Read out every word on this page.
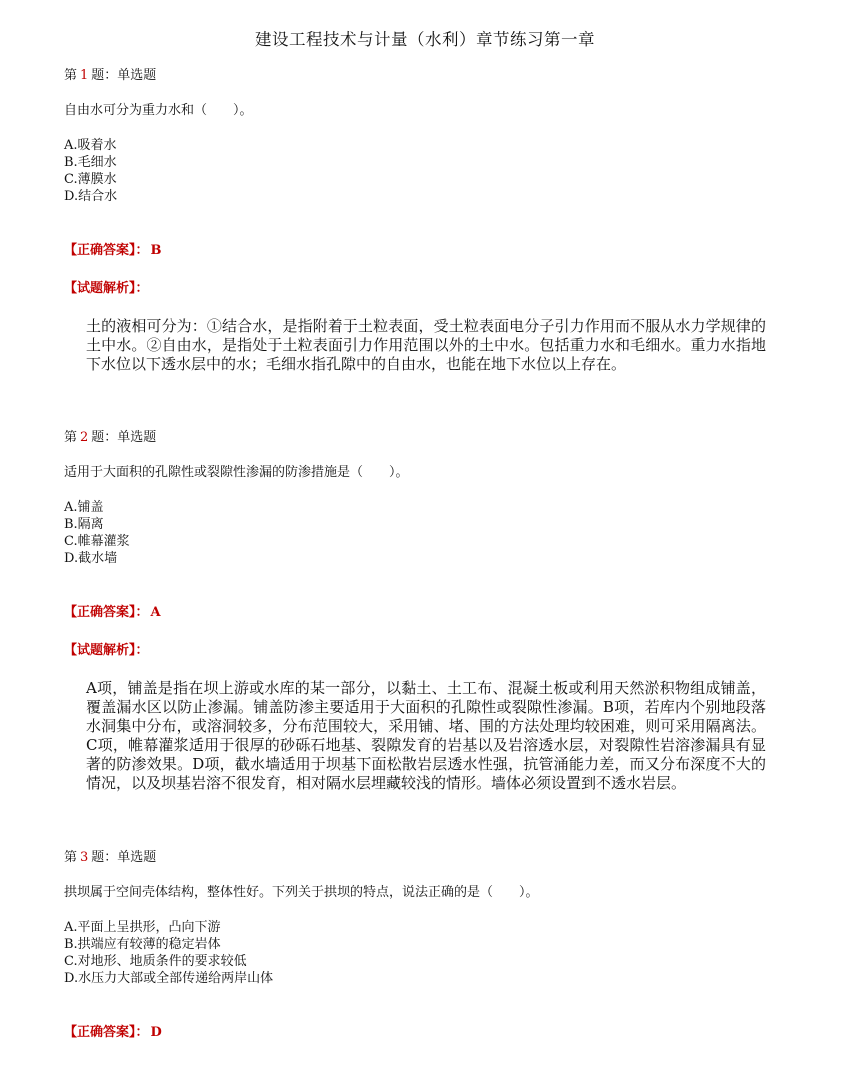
建设工程技术与计量（水利）章节练习第一章
第 1 题：单选题
自由水可分为重力水和（　　）。
A.吸着水
B.毛细水
C.薄膜水
D.结合水
【正确答案】： B
【试题解析】：
土的液相可分为：①结合水，是指附着于土粒表面，受土粒表面电分子引力作用而不服从水力学规律的土中水。②自由水，是指处于土粒表面引力作用范围以外的土中水。包括重力水和毛细水。重力水指地下水位以下透水层中的水；毛细水指孔隙中的自由水，也能在地下水位以上存在。
第 2 题：单选题
适用于大面积的孔隙性或裂隙性渗漏的防渗措施是（　　）。
A.铺盖
B.隔离
C.帷幕灌浆
D.截水墙
【正确答案】： A
【试题解析】：
A项，铺盖是指在坝上游或水库的某一部分，以黏土、土工布、混凝土板或利用天然淤积物组成铺盖，覆盖漏水区以防止渗漏。铺盖防渗主要适用于大面积的孔隙性或裂隙性渗漏。B项，若库内个别地段落水洞集中分布，或溶洞较多，分布范围较大，采用铺、堵、围的方法处理均较困难，则可采用隔离法。C项，帷幕灌浆适用于很厚的砂砾石地基、裂隙发育的岩基以及岩溶透水层，对裂隙性岩溶渗漏具有显著的防渗效果。D项，截水墙适用于坝基下面松散岩层透水性强，抗管涌能力差，而又分布深度不大的情况，以及坝基岩溶不很发育，相对隔水层埋藏较浅的情形。墙体必须设置到不透水岩层。
第 3 题：单选题
拱坝属于空间壳体结构，整体性好。下列关于拱坝的特点，说法正确的是（　　）。
A.平面上呈拱形，凸向下游
B.拱端应有较薄的稳定岩体
C.对地形、地质条件的要求较低
D.水压力大部或全部传递给两岸山体
【正确答案】： D
